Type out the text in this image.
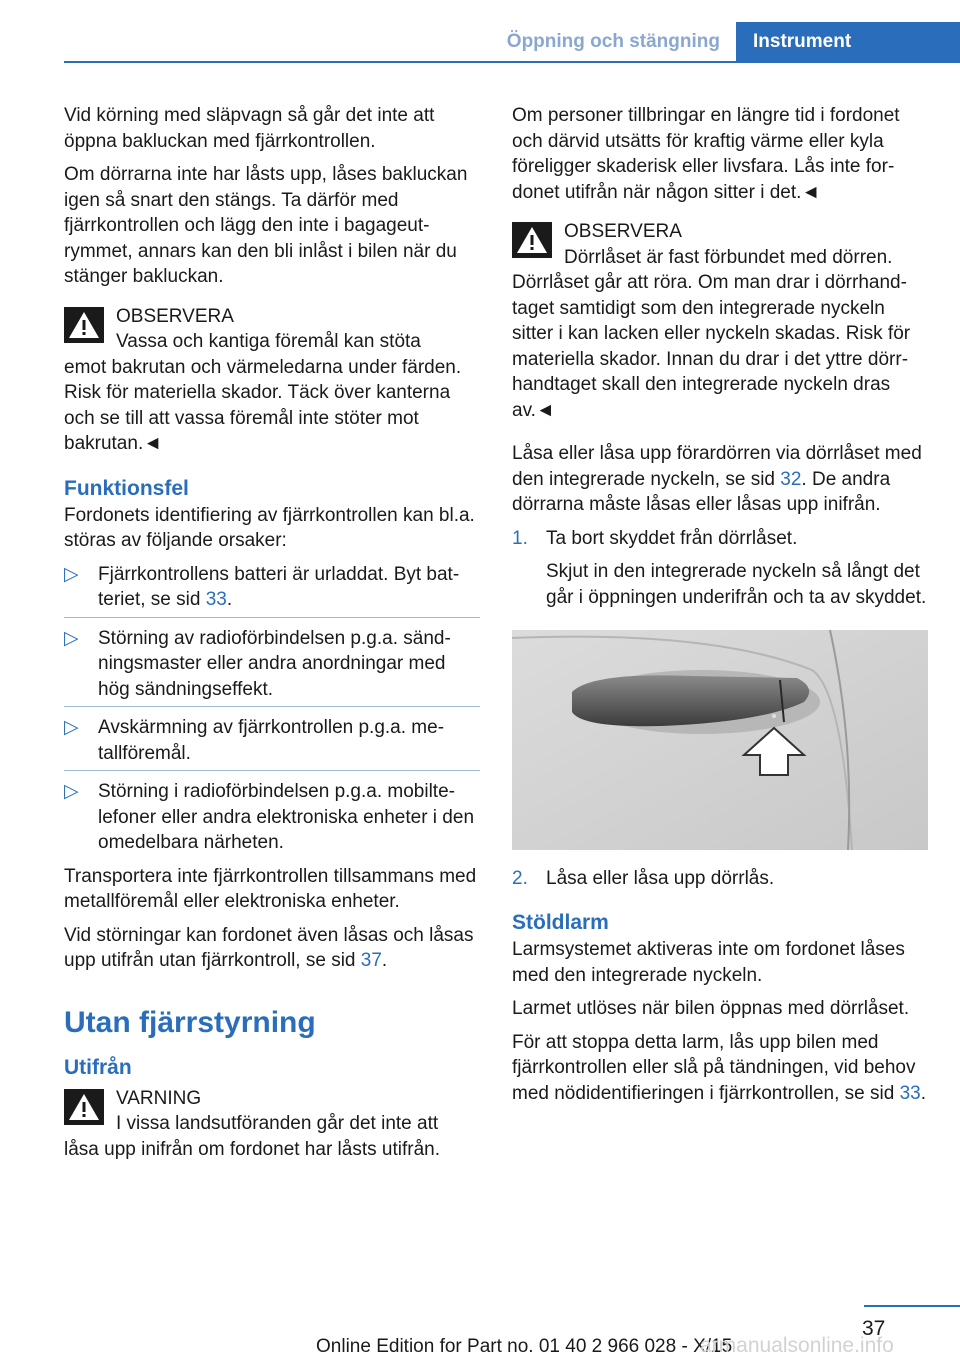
Öppning och stängning Instrument

Vid körning med släpvagn så går det inte att öppna bakluckan med fjärrkontrollen.

Om dörrarna inte har låsts upp, låses bakluckan igen så snart den stängs. Ta därför med fjärrkontrollen och lägg den inte i bagageutrymmet, annars kan den bli inlåst i bilen när du stänger bakluckan.

OBSERVERA
Vassa och kantiga föremål kan stöta
emot bakrutan och värmeledarna under färden. Risk för materiella skador. Täck över kanterna och se till att vassa föremål inte stöter mot bakrutan.◄
Funktionsfel

Fordonets identifiering av fjärrkontrollen kan bl.a. störas av följande orsaker:

▷ Fjärrkontrollens batteri är urladdat. Byt batteriet, se sid 33.
▷ Störning av radioförbindelsen p.g.a. sändningsmaster eller andra anordningar med hög sändningseffekt.
▷ Avskärmning av fjärrkontrollen p.g.a. metallföremål.
▷ Störning i radioförbindelsen p.g.a. mobiltelefoner eller andra elektroniska enheter i den omedelbara närheten.

Transportera inte fjärrkontrollen tillsammans med metallföremål eller elektroniska enheter.

Vid störningar kan fordonet även låsas och låsas upp utifrån utan fjärrkontroll, se sid 37.

Utan fjärrstyrning
Utifrån
VARNING
I vissa landsutföranden går det inte att
låsa upp inifrån om fordonet har låsts utifrån.

Om personer tillbringar en längre tid i fordonet och därvid utsätts för kraftig värme eller kyla föreligger skaderisk eller livsfara. Lås inte fordonet utifrån när någon sitter i det.◄

OBSERVERA
Dörrlåset är fast förbundet med dörren.
Dörrlåset går att röra. Om man drar i dörrhandtaget samtidigt som den integrerade nyckeln sitter i kan lacken eller nyckeln skadas. Risk för materiella skador. Innan du drar i det yttre dörrhandtaget skall den integrerade nyckeln dras av.◄

Låsa eller låsa upp förardörren via dörrlåset med den integrerade nyckeln, se sid 32. De andra dörrarna måste låsas eller låsas upp inifrån.

1. Ta bort skyddet från dörrlåset.
Skjut in den integrerade nyckeln så långt det går i öppningen underifrån och ta av skyddet.
2. Låsa eller låsa upp dörrlås.
Stöldlarm

Larmsystemet aktiveras inte om fordonet låses med den integrerade nyckeln.

Larmet utlöses när bilen öppnas med dörrlåset.

För att stoppa detta larm, lås upp bilen med fjärrkontrollen eller slå på tändningen, vid behov med nödidentifieringen i fjärrkontrollen, se sid 33.

37
Online Edition for Part no. 01 40 2 966 028 - X/15
armanualsonline.info
